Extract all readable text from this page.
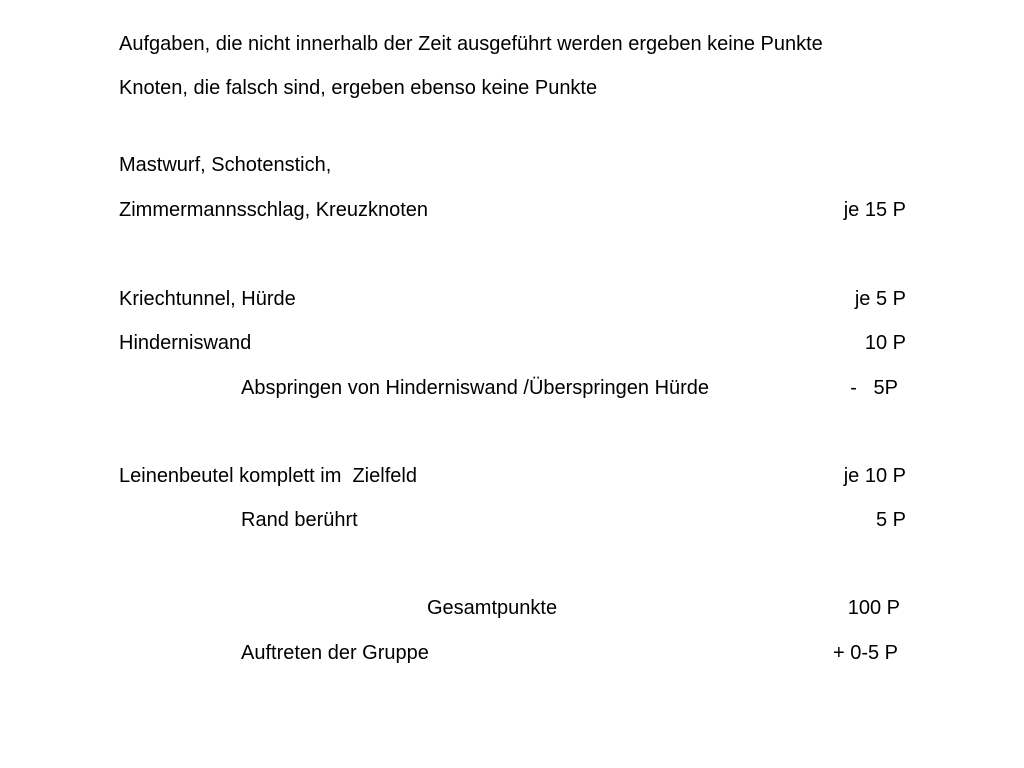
Aufgaben, die nicht innerhalb der Zeit ausgeführt werden ergeben keine Punkte
Knoten, die falsch sind, ergeben ebenso keine Punkte
Mastwurf, Schotenstich,
Zimmermannsschlag, Kreuzknoten	je 15 P
Kriechtunnel, Hürde	je 5 P
Hinderniswand	10 P
Abspringen von Hinderniswand /Überspringen Hürde	-   5P
Leinenbeutel komplett im  Zielfeld	je 10 P
Rand berührt	5 P
Gesamtpunkte	100 P
Auftreten der Gruppe	+ 0-5 P
